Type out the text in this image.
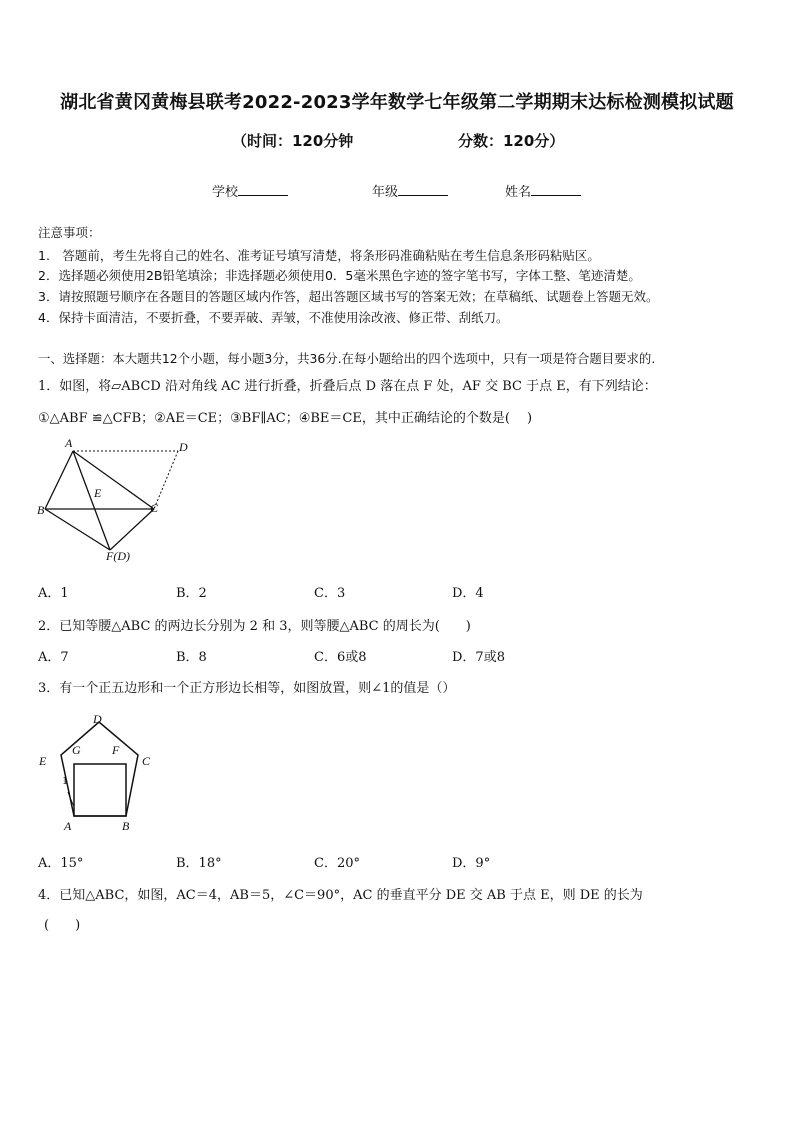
湖北省黄冈黄梅县联考2022-2023学年数学七年级第二学期期末达标检测模拟试题
（时间：120分钟	分数：120分）
学校	年级	姓名
注意事项：
1.　答题前，考生先将自己的姓名、准考证号填写清楚，将条形码准确粘贴在考生信息条形码粘贴区。
2．选择题必须使用2B铅笔填涂；非选择题必须使用0．5毫米黑色字迹的签字笔书写，字体工整、笔迹清楚。
3．请按照题号顺序在各题目的答题区域内作答，超出答题区域书写的答案无效；在草稿纸、试题卷上答题无效。
4．保持卡面清洁，不要折叠，不要弄破、弄皱，不准使用涂改液、修正带、刮纸刀。
一、选择题：本大题共12个小题，每小题3分，共36分.在每小题给出的四个选项中，只有一项是符合题目要求的.
1．如图，将▱ABCD 沿对角线 AC 进行折叠，折叠后点 D 落在点 F 处，AF 交 BC 于点 E，有下列结论：
①△ABF ≌△CFB；②AE＝CE；③BF∥AC；④BE＝CE，其中正确结论的个数是(　 )
A	D
B	C
E
F(D)
A．1	B．2	C．3	D．4
2．已知等腰△ABC 的两边长分别为 2 和 3，则等腰△ABC 的周长为(　　)
A．7	B．8	C．6或8	D．7或8
3．有一个正五边形和一个正方形边长相等，如图放置，则∠1的值是（）
D
E	C
G	F
A	B
1
A．15°	B．18°	C．20°	D．9°
4．已知△ABC，如图，AC＝4，AB＝5，∠C＝90°，AC 的垂直平分 DE 交 AB 于点 E，则 DE 的长为
(　　)
